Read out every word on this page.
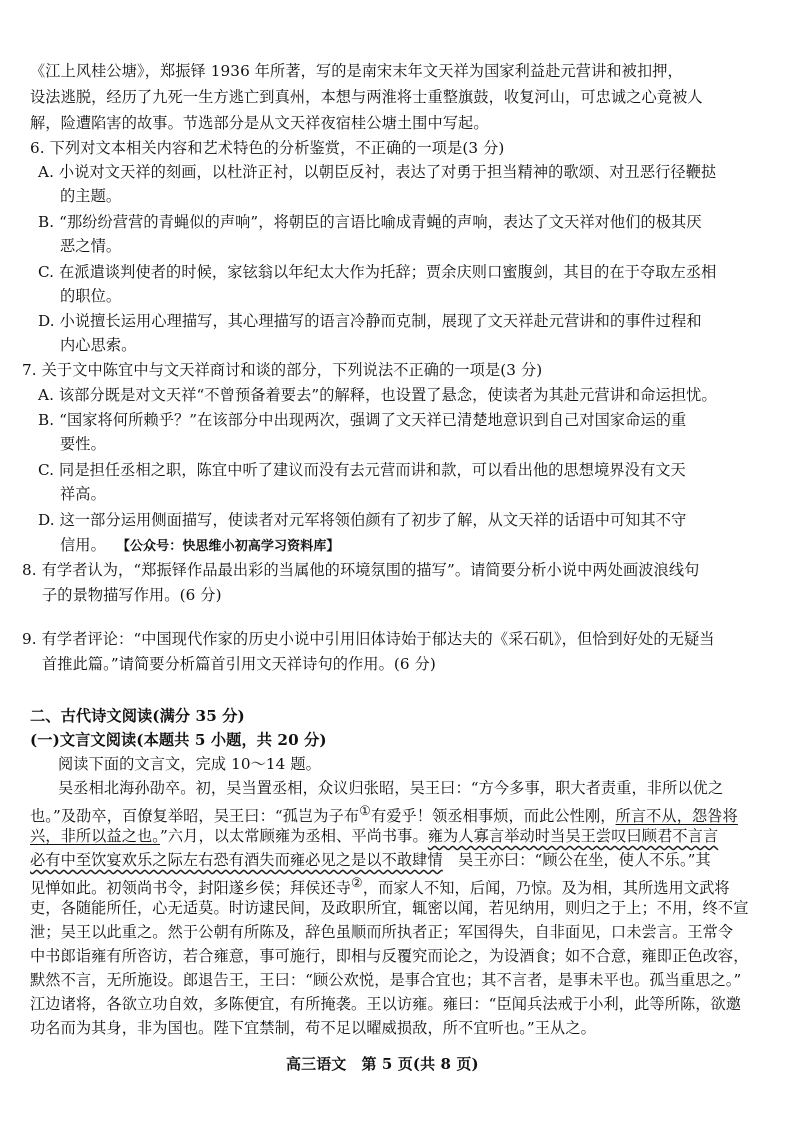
《江上风桂公塘》，郑振铎 1936 年所著，写的是南宋末年文天祥为国家利益赴元营讲和被扣押，
设法逃脱，经历了九死一生方逃亡到真州，本想与两淮将士重整旗鼓，收复河山，可忠诚之心竟被人
解，险遭陷害的故事。节选部分是从文天祥夜宿桂公塘土围中写起。
6. 下列对文本相关内容和艺术特色的分析鉴赏，不正确的一项是(3 分)
A. 小说对文天祥的刻画，以杜浒正衬，以朝臣反衬，表达了对勇于担当精神的歌颂、对丑恶行径鞭挞
的主题。
B. “那纷纷营营的青蝇似的声响”，将朝臣的言语比喻成青蝇的声响，表达了文天祥对他们的极其厌
恶之情。
C. 在派遣谈判使者的时候，家铉翁以年纪太大作为托辞；贾余庆则口蜜腹剑，其目的在于夺取左丞相
的职位。
D. 小说擅长运用心理描写，其心理描写的语言冷静而克制，展现了文天祥赴元营讲和的事件过程和
内心思索。
7. 关于文中陈宜中与文天祥商讨和谈的部分，下列说法不正确的一项是(3 分)
A. 该部分既是对文天祥“不曾预备着要去”的解释，也设置了悬念，使读者为其赴元营讲和命运担忧。
B. “国家将何所赖乎？”在该部分中出现两次，强调了文天祥已清楚地意识到自己对国家命运的重
要性。
C. 同是担任丞相之职，陈宜中听了建议而没有去元营而讲和款，可以看出他的思想境界没有文天
祥高。
D. 这一部分运用侧面描写，使读者对元军将领伯颜有了初步了解，从文天祥的话语中可知其不守
信用。 【公众号：快思维小初高学习资料库】
8. 有学者认为，“郑振铎作品最出彩的当属他的环境氛围的描写”。请简要分析小说中两处画波浪线句
子的景物描写作用。(6 分)
9. 有学者评论：“中国现代作家的历史小说中引用旧体诗始于郁达夫的《采石矶》，但恰到好处的无疑当
首推此篇。”请简要分析篇首引用文天祥诗句的作用。(6 分)
二、古代诗文阅读(满分 35 分)
(一)文言文阅读(本题共 5 小题，共 20 分)
阅读下面的文言文，完成 10～14 题。
吴丞相北海孙劭卒。初，吴当置丞相，众议归张昭，吴王曰：“方今多事，职大者责重，非所以优之
也。”及劭卒，百僚复举昭，吴王曰：“孤岂为子布①有爱乎！领丞相事烦，而此公性刚，所言不从，怨咎将
兴，非所以益之也。”六月，以太常顾雍为丞相、平尚书事。雍为人寡言举动时当吴王尝叹曰顾君不言言
必有中至饮宴欢乐之际左右恐有酒失而雍必见之是以不敢肆情　吴王亦曰：“顾公在坐，使人不乐。”其
见惮如此。初领尚书令，封阳遂乡侯；拜侯还寺②，而家人不知，后闻，乃惊。及为相，其所选用文武将
吏，各随能所任，心无适莫。时访逮民间，及政职所宜，辄密以闻，若见纳用，则归之于上；不用，终不宣
泄；吴王以此重之。然于公朝有所陈及，辞色虽顺而所执者正；军国得失，自非面见，口未尝言。王常令
中书郎诣雍有所咨访，若合雍意，事可施行，即相与反覆究而论之，为设酒食；如不合意，雍即正色改容，
默然不言，无所施设。郎退告王，王曰：“顾公欢悦，是事合宜也；其不言者，是事未平也。孤当重思之。”
江边诸将，各欲立功自效，多陈便宜，有所掩袭。王以访雍。雍曰：“臣闻兵法戒于小利，此等所陈，欲邀
功名而为其身，非为国也。陛下宜禁制，苟不足以曜威损敌，所不宜听也。”王从之。
高三语文　第 5 页(共 8 页)
